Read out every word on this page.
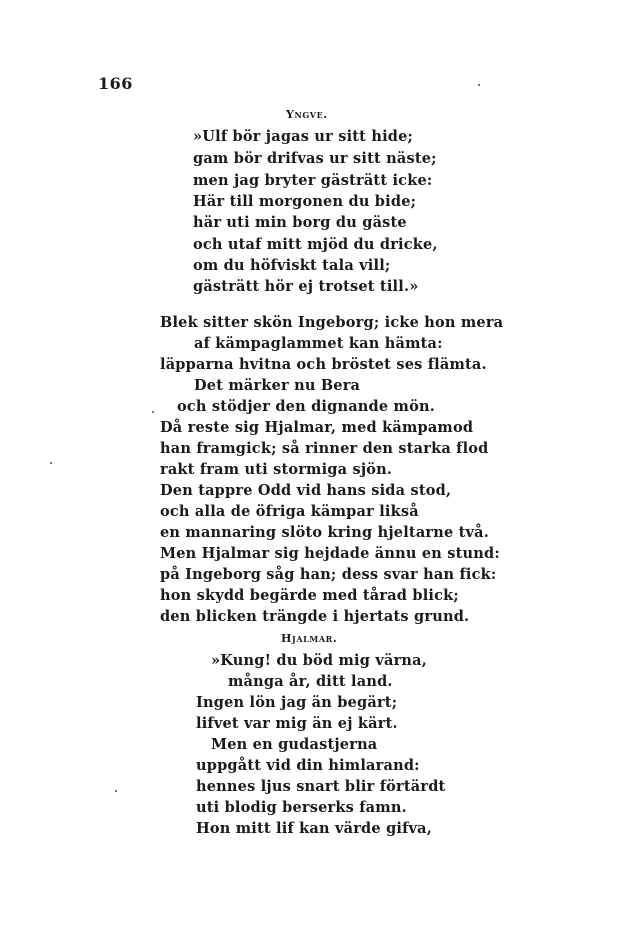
166
Yngve.
»Ulf bör jagas ur sitt hide;
gam bör drifvas ur sitt näste;
men jag bryter gästrätt icke:
Här till morgonen du bide;
här uti min borg du gäste
och utaf mitt mjöd du dricke,
om du höfviskt tala vill;
gästrätt hör ej trotset till.»
Blek sitter skön Ingeborg; icke hon mera
af kämpaglammet kan hämta:
läpparna hvitna och bröstet ses flämta.
Det märker nu Bera
och stödjer den dignande mön.
Då reste sig Hjalmar, med kämpamod
han framgick; så rinner den starka flod
rakt fram uti stormiga sjön.
Den tappre Odd vid hans sida stod,
och alla de öfriga kämpar likså
en mannaring slöto kring hjeltarne två.
Men Hjalmar sig hejdade ännu en stund:
på Ingeborg såg han; dess svar han fick:
hon skydd begärde med tårad blick;
den blicken trängde i hjertats grund.
Hjalmar.
»Kung! du böd mig värna,
många år, ditt land.
Ingen lön jag än begärt;
lifvet var mig än ej kärt.
Men en gudastjerna
uppgått vid din himlarand:
hennes ljus snart blir förtärdt
uti blodig berserks famn.
Hon mitt lif kan värde gifva,
